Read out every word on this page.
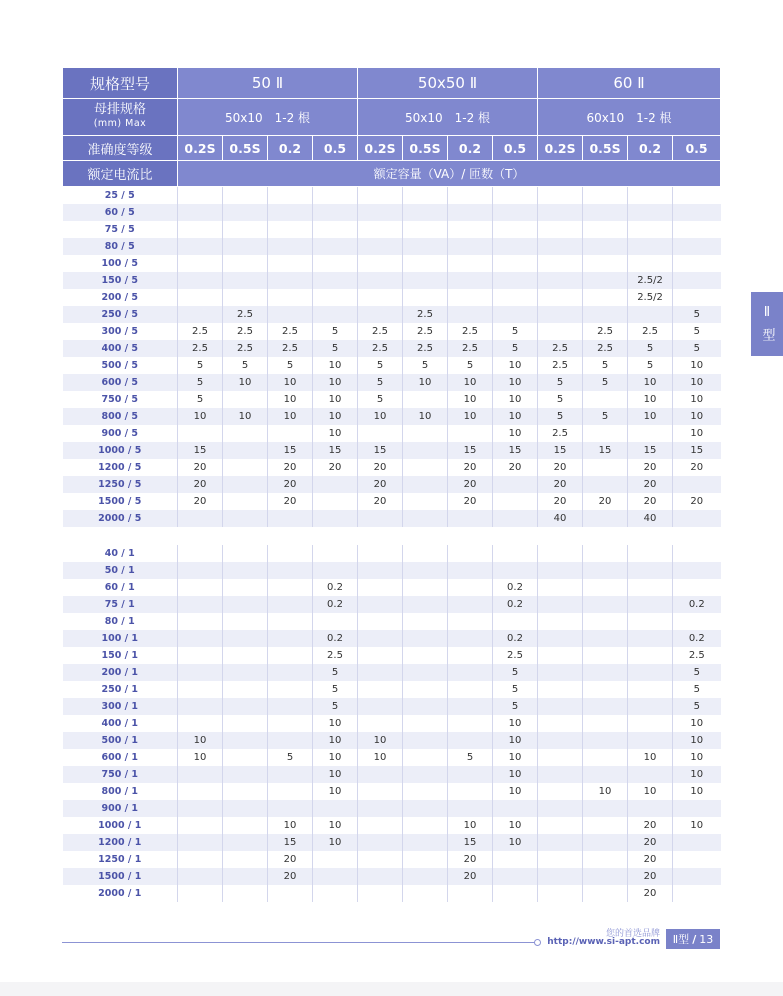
规格型号	50 Ⅱ				50x50 Ⅱ				60 Ⅱ			
母排规格
(mm) Max	50x10　1-2 根				50x10　1-2 根				60x10　1-2 根			
准确度等级	0.2S	0.5S	0.2	0.5	0.2S	0.5S	0.2	0.5	0.2S	0.5S	0.2	0.5
额定电流比	额定容量（VA）/ 匝数（T）											
25 / 5												
60 / 5												
75 / 5												
80 / 5												
100 / 5												
150 / 5											2.5/2	
200 / 5											2.5/2	
250 / 5		2.5				2.5						5
300 / 5	2.5	2.5	2.5	5	2.5	2.5	2.5	5		2.5	2.5	5
400 / 5	2.5	2.5	2.5	5	2.5	2.5	2.5	5	2.5	2.5	5	5
500 / 5	5	5	5	10	5	5	5	10	2.5	5	5	10
600 / 5	5	10	10	10	5	10	10	10	5	5	10	10
750 / 5	5		10	10	5		10	10	5		10	10
800 / 5	10	10	10	10	10	10	10	10	5	5	10	10
900 / 5				10				10	2.5			10
1000 / 5	15		15	15	15		15	15	15	15	15	15
1200 / 5	20		20	20	20		20	20	20		20	20
1250 / 5	20		20		20		20		20		20	
1500 / 5	20		20		20		20		20	20	20	20
2000 / 5									40		40	

40 / 1												
50 / 1												
60 / 1				0.2				0.2				
75 / 1				0.2				0.2				0.2
80 / 1												
100 / 1				0.2				0.2				0.2
150 / 1				2.5				2.5				2.5
200 / 1				5				5				5
250 / 1				5				5				5
300 / 1				5				5				5
400 / 1				10				10				10
500 / 1	10			10	10			10				10
600 / 1	10		5	10	10		5	10			10	10
750 / 1				10				10				10
800 / 1				10				10		10	10	10
900 / 1												
1000 / 1			10	10			10	10			20	10
1200 / 1			15	10			15	10			20	
1250 / 1			20				20				20	
1500 / 1			20				20				20	
2000 / 1											20	
Ⅱ 型
您的首选品牌
http://www.si-apt.com Ⅱ型 / 13
